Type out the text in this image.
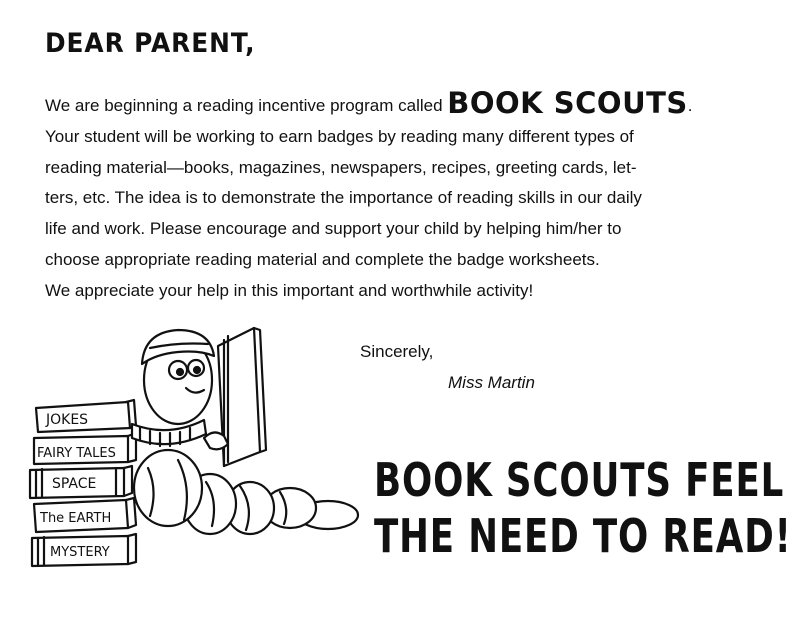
DEAR PARENT,
We are beginning a reading incentive program called BOOK SCOUTS.
Your student will be working to earn badges by reading many different types of
reading material—books, magazines, newspapers, recipes, greeting cards, let-
ters, etc. The idea is to demonstrate the importance of reading skills in our daily
life and work. Please encourage and support your child by helping him/her to
choose appropriate reading material and complete the badge worksheets.
We appreciate your help in this important and worthwhile activity!
Sincerely,
Miss Martin
JOKES
FAIRY TALES
SPACE
The EARTH
MYSTERY
BOOK SCOUTS FEEL
THE NEED TO READ!
